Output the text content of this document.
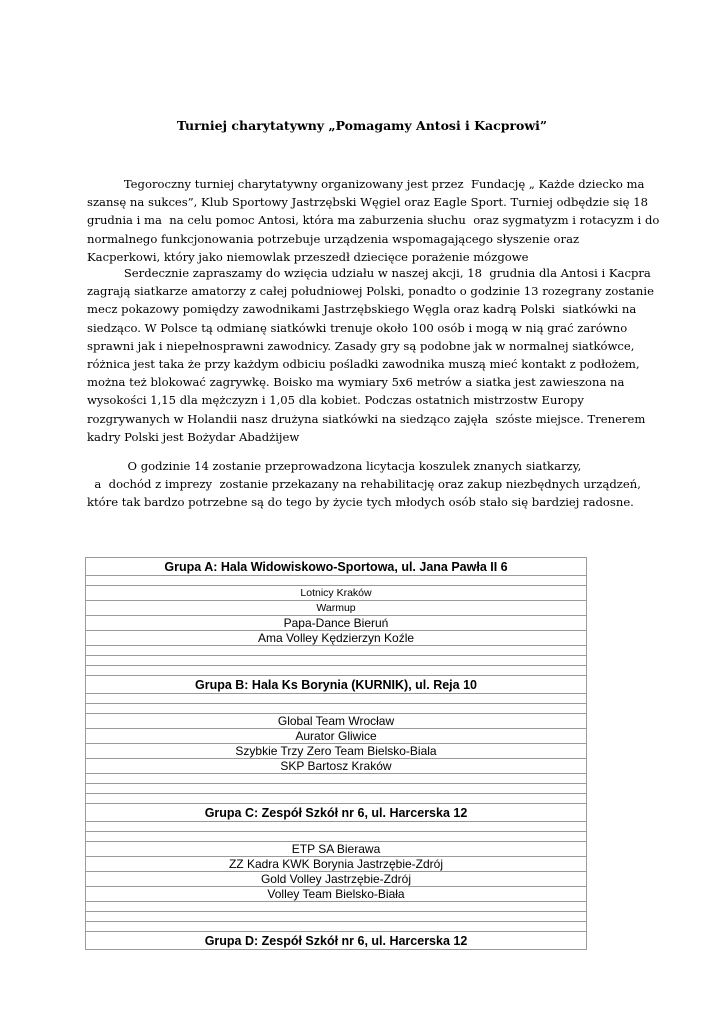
Turniej charytatywny „Pomagamy Antosi i Kacprowi”
Tegoroczny turniej charytatywny organizowany jest przez  Fundację „ Każde dziecko ma
szansę na sukces”, Klub Sportowy Jastrzębski Węgiel oraz Eagle Sport. Turniej odbędzie się 18
grudnia i ma  na celu pomoc Antosi, która ma zaburzenia słuchu  oraz sygmatyzm i rotacyzm i do
normalnego funkcjonowania potrzebuje urządzenia wspomagającego słyszenie oraz
Kacperkowi, który jako niemowlak przeszedł dziecięce porażenie mózgowe
Serdecznie zapraszamy do wzięcia udziału w naszej akcji, 18  grudnia dla Antosi i Kacpra
zagrają siatkarze amatorzy z całej południowej Polski, ponadto o godzinie 13 rozegrany zostanie
mecz pokazowy pomiędzy zawodnikami Jastrzębskiego Węgla oraz kadrą Polski  siatkówki na
siedząco. W Polsce tą odmianę siatkówki trenuje około 100 osób i mogą w nią grać zarówno
sprawni jak i niepełnosprawni zawodnicy. Zasady gry są podobne jak w normalnej siatkówce,
różnica jest taka że przy każdym odbiciu pośladki zawodnika muszą mieć kontakt z podłożem,
można też blokować zagrywkę. Boisko ma wymiary 5x6 metrów a siatka jest zawieszona na
wysokości 1,15 dla mężczyzn i 1,05 dla kobiet. Podczas ostatnich mistrzostw Europy
rozgrywanych w Holandii nasz drużyna siatkówki na siedząco zajęła  szóste miejsce. Trenerem
kadry Polski jest Bożydar Abadżijew
O godzinie 14 zostanie przeprowadzona licytacja koszulek znanych siatkarzy,
a  dochód z imprezy  zostanie przekazany na rehabilitację oraz zakup niezbędnych urządzeń,
które tak bardzo potrzebne są do tego by życie tych młodych osób stało się bardziej radosne.
Grupa A: Hala Widowiskowo-Sportowa, ul. Jana Pawła II 6

Lotnicy Kraków
Warmup
Papa-Dance Bieruń
Ama Volley Kędzierzyn Koźle

Grupa B: Hala Ks Borynia (KURNIK), ul. Reja 10

Global Team Wrocław
Aurator Gliwice
Szybkie Trzy Zero Team Bielsko-Biala
SKP Bartosz Kraków

Grupa C: Zespół Szkół nr 6, ul. Harcerska 12

ETP SA Bierawa
ZZ Kadra KWK Borynia Jastrzębie-Zdrój
Gold Volley Jastrzębie-Zdrój
Volley Team Bielsko-Biała

Grupa D: Zespół Szkół nr 6, ul. Harcerska 12
